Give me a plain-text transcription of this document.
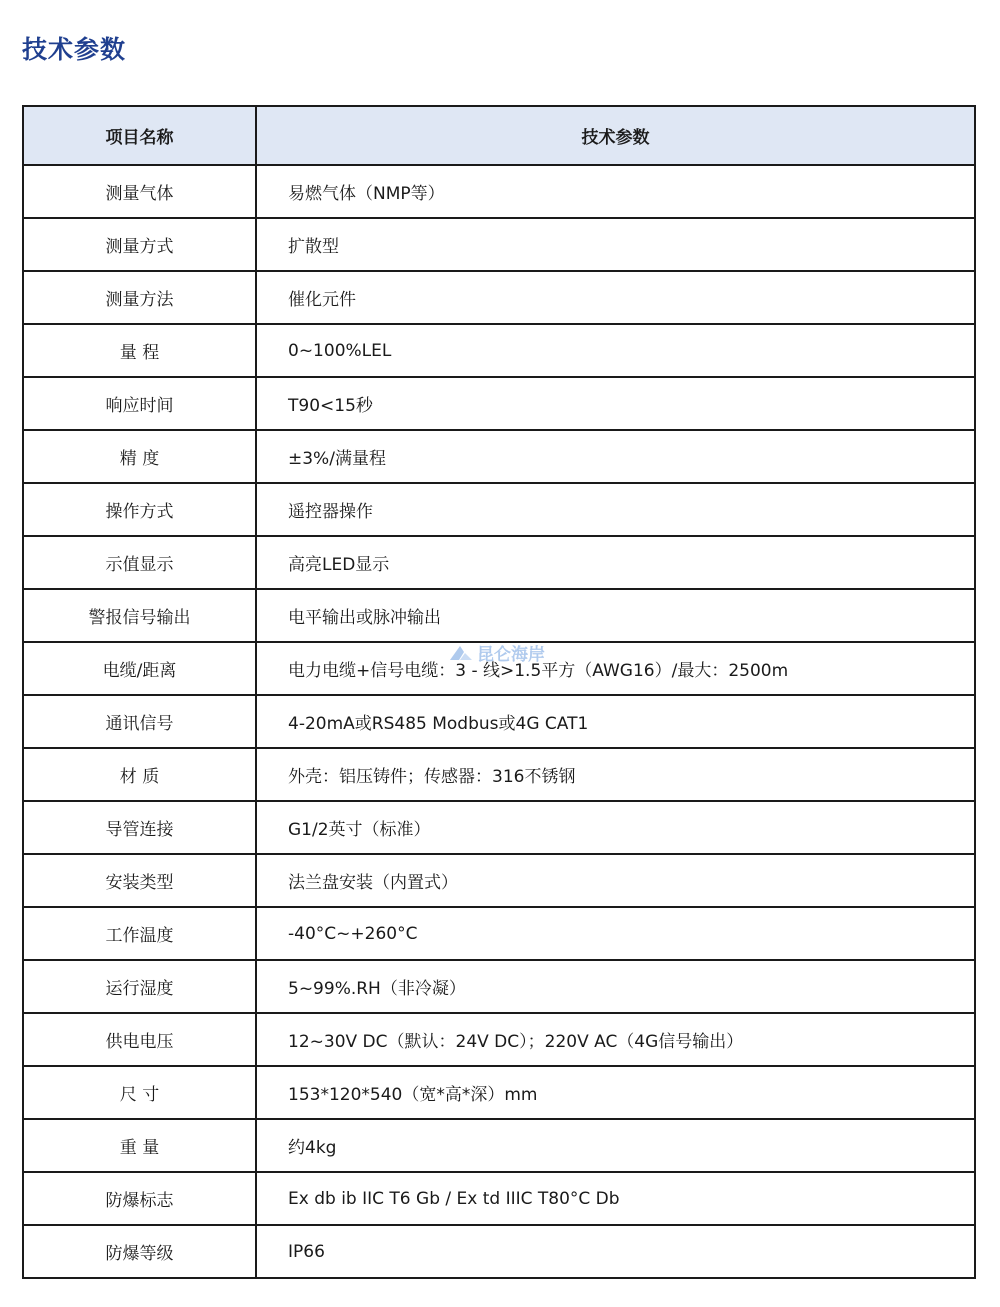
技术参数
项目名称	技术参数
测量气体	易燃气体（NMP等）
测量方式	扩散型
测量方法	催化元件
量 程	0~100%LEL
响应时间	T90<15秒
精 度	±3%/满量程
操作方式	遥控器操作
示值显示	高亮LED显示
警报信号输出	电平输出或脉冲输出
电缆/距离	电力电缆+信号电缆：3 - 线>1.5平方（AWG16）/最大：2500m
通讯信号	4-20mA或RS485 Modbus或4G CAT1
材 质	外壳：铝压铸件；传感器：316不锈钢
导管连接	G1/2英寸（标准）
安装类型	法兰盘安装（内置式）
工作温度	-40°C~+260°C
运行湿度	5~99%.RH（非冷凝）
供电电压	12~30V DC（默认：24V DC）；220V AC（4G信号输出）
尺 寸	153*120*540（宽*高*深）mm
重 量	约4kg
防爆标志	Ex db ib IIC T6 Gb / Ex td IIIC T80°C Db
防爆等级	IP66
昆仑海岸
